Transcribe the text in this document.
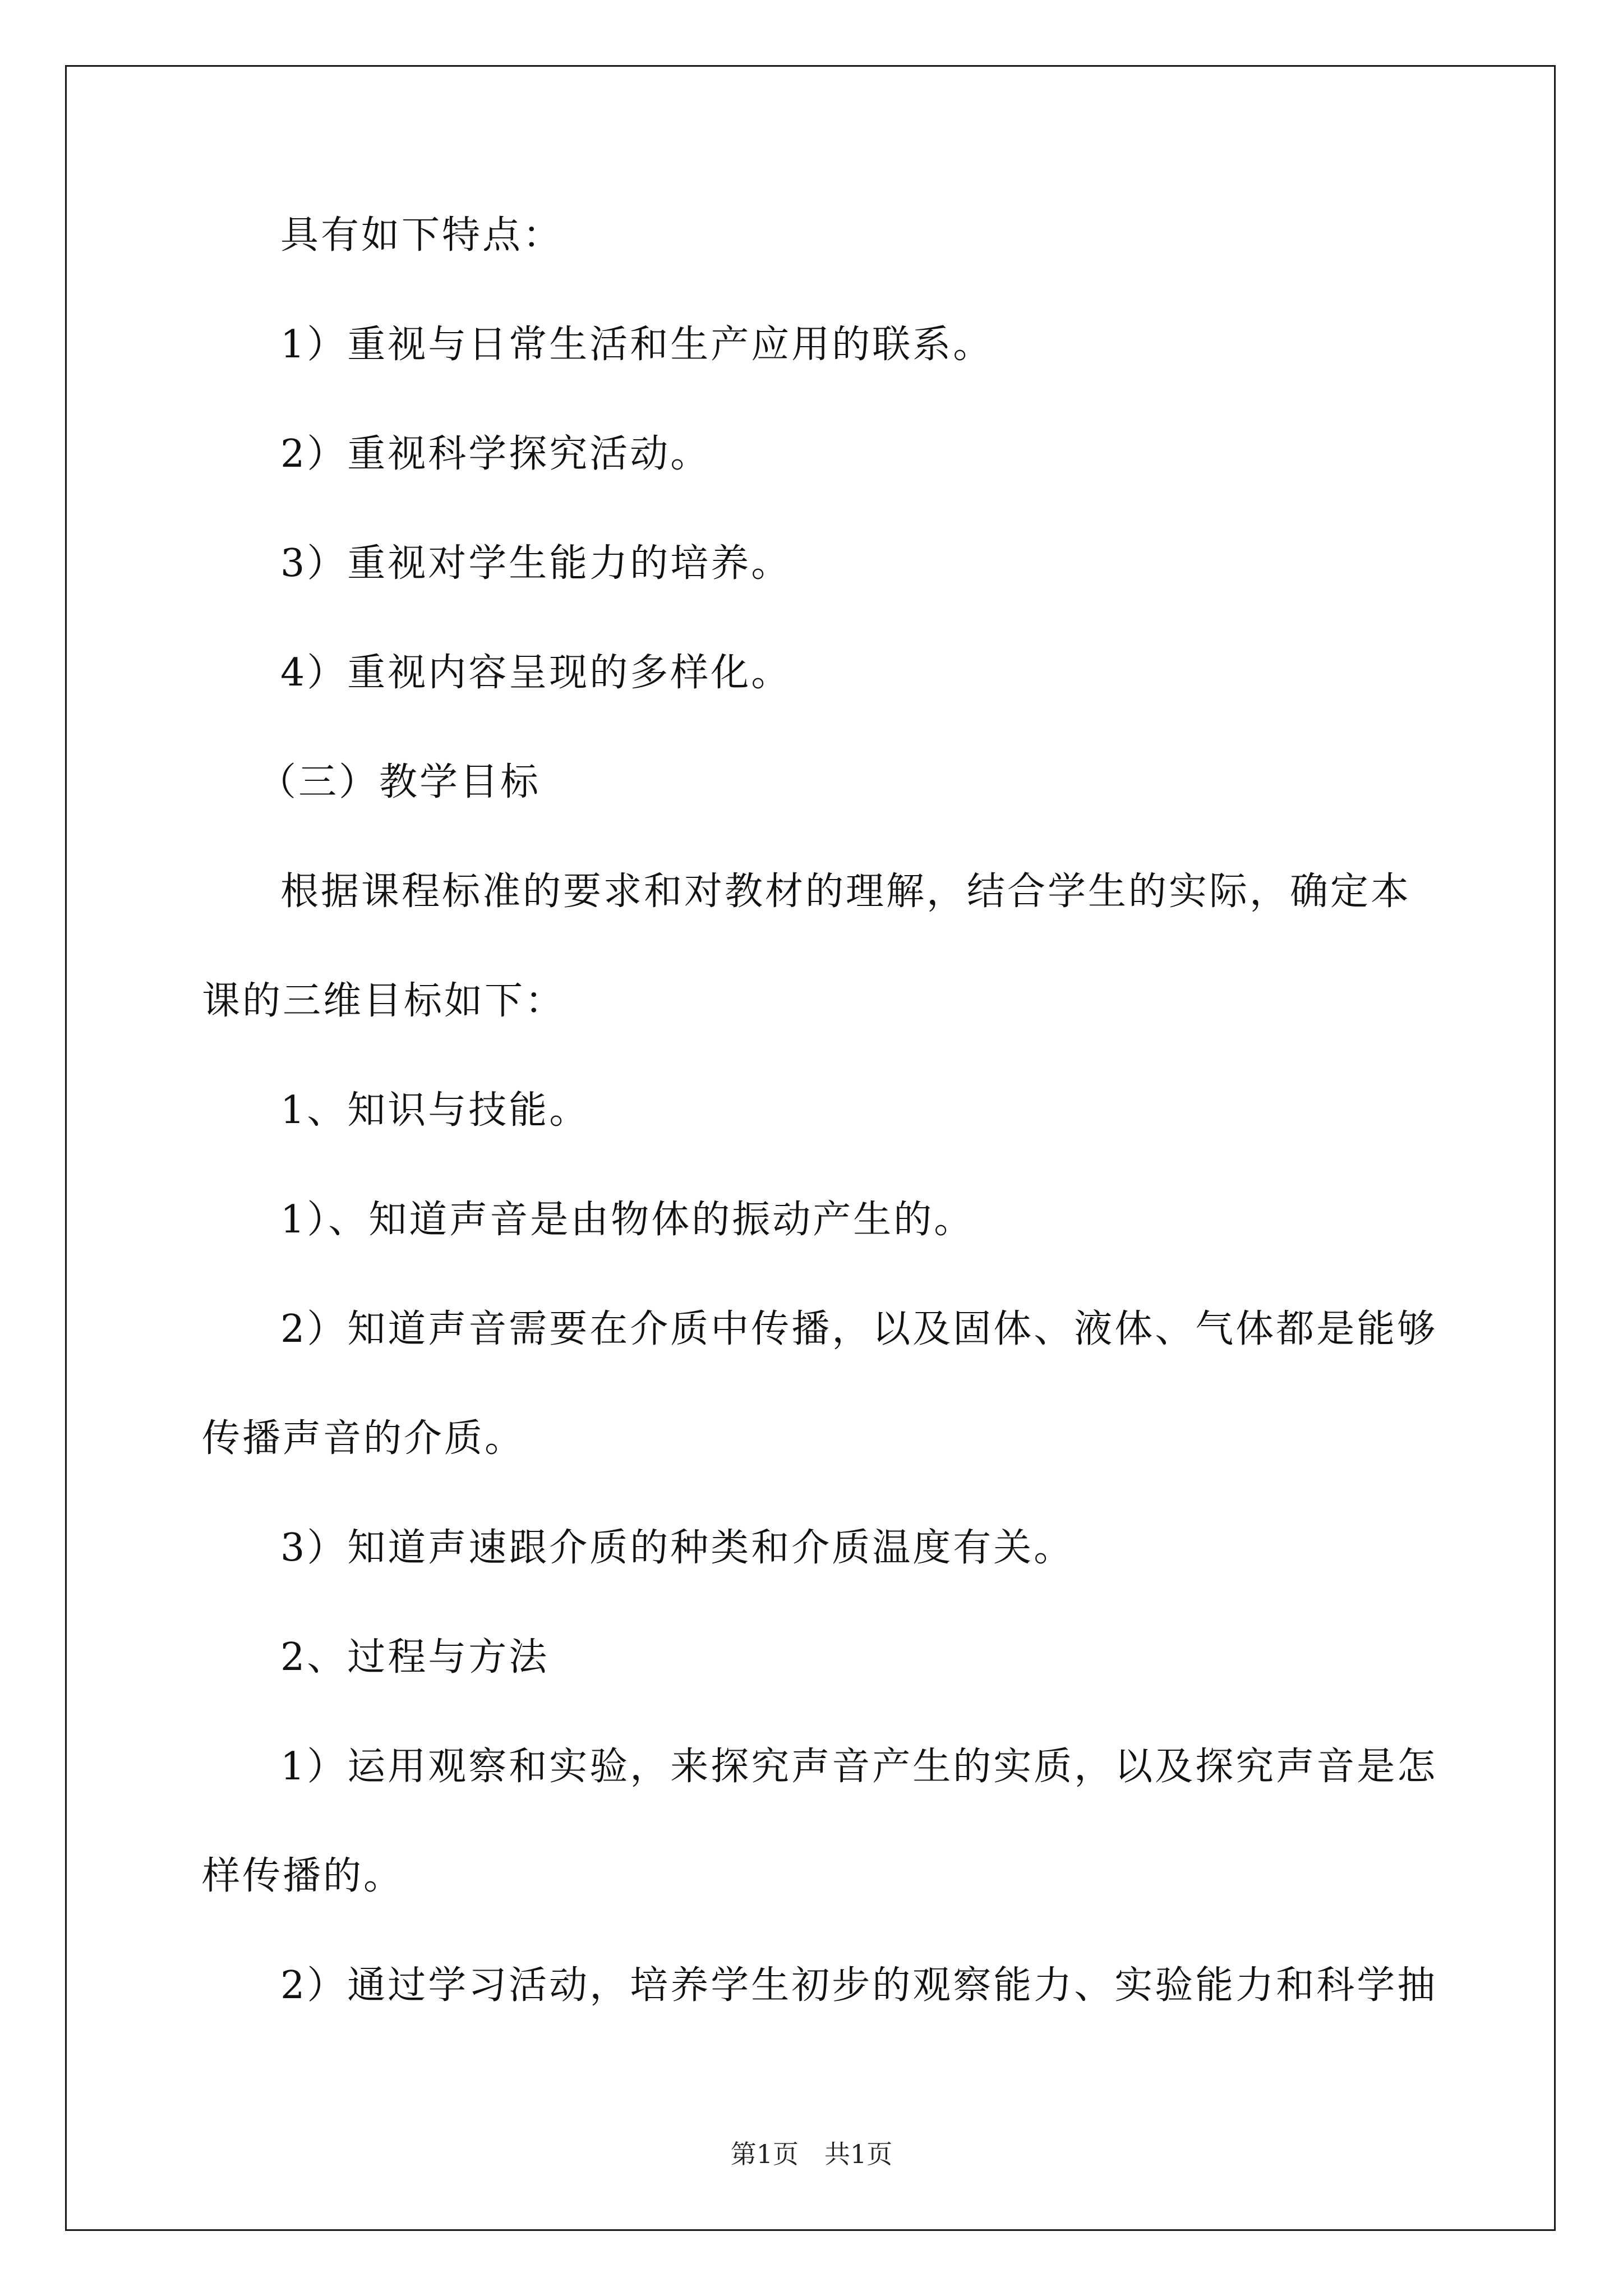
具有如下特点：
1）重视与日常生活和生产应用的联系。
2）重视科学探究活动。
3）重视对学生能力的培养。
4）重视内容呈现的多样化。
（三）教学目标
根据课程标准的要求和对教材的理解，结合学生的实际，确定本
课的三维目标如下：
1、知识与技能。
1）、知道声音是由物体的振动产生的。
2）知道声音需要在介质中传播，以及固体、液体、气体都是能够
传播声音的介质。
3）知道声速跟介质的种类和介质温度有关。
2、过程与方法
1）运用观察和实验，来探究声音产生的实质，以及探究声音是怎
样传播的。
2）通过学习活动，培养学生初步的观察能力、实验能力和科学抽
第1页　共1页
